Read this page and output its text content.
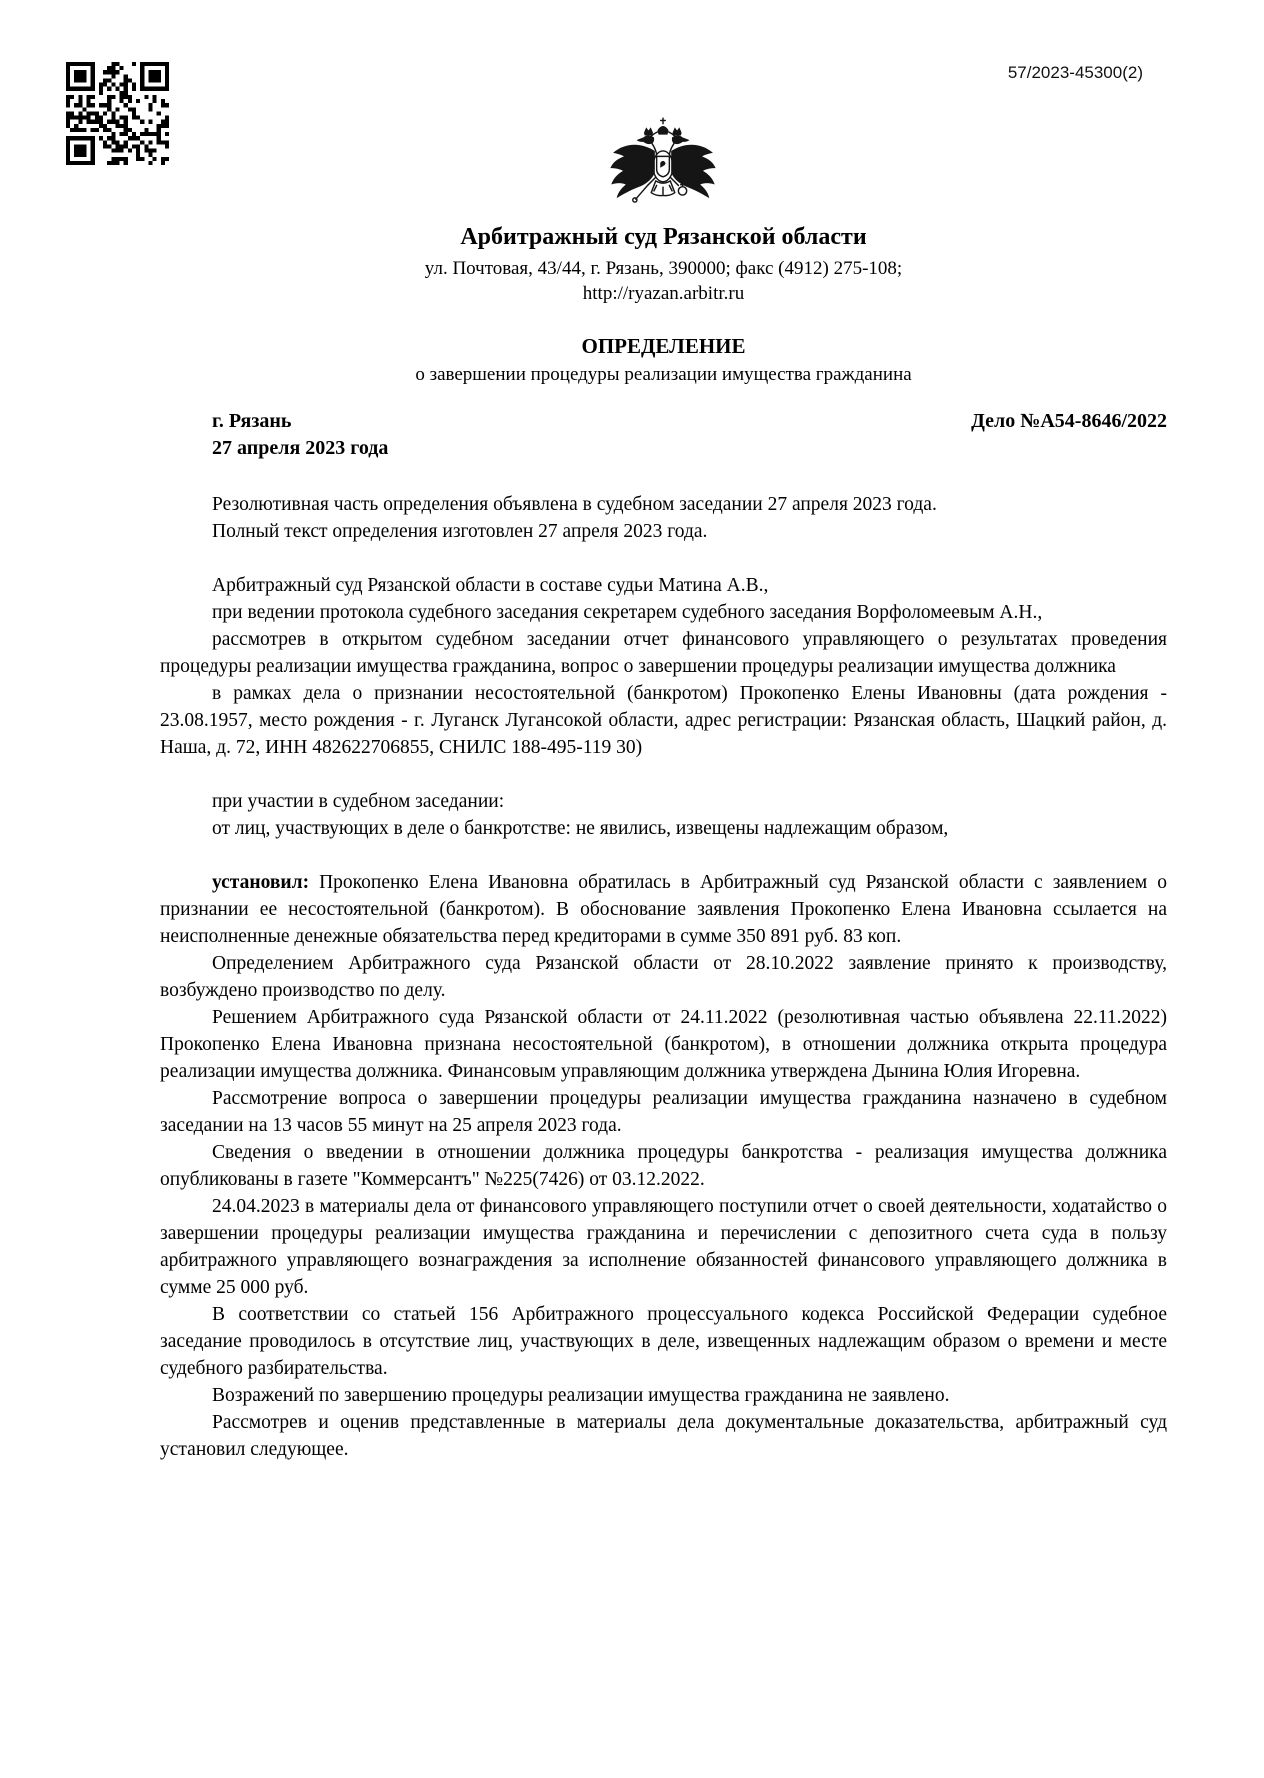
57/2023-45300(2)
Арбитражный суд Рязанской области
ул. Почтовая, 43/44, г. Рязань, 390000; факс (4912) 275-108;
http://ryazan.arbitr.ru
ОПРЕДЕЛЕНИЕ
о завершении процедуры реализации имущества гражданина
г. Рязань	Дело №А54-8646/2022
27 апреля 2023 года

Резолютивная часть определения объявлена в судебном заседании 27 апреля 2023 года.

Полный текст определения изготовлен 27 апреля 2023 года.

Арбитражный суд Рязанской области в составе судьи Матина А.В.,

при ведении протокола судебного заседания секретарем судебного заседания Ворфоломеевым А.Н.,

рассмотрев в открытом судебном заседании отчет финансового управляющего о результатах проведения процедуры реализации имущества гражданина, вопрос о завершении процедуры реализации имущества должника

в рамках дела о признании несостоятельной (банкротом) Прокопенко Елены Ивановны (дата рождения - 23.08.1957, место рождения - г. Луганск Лугансокой области, адрес регистрации: Рязанская область, Шацкий район, д. Наша, д. 72, ИНН 482622706855, СНИЛС 188-495-119 30)

при участии в судебном заседании:

от лиц, участвующих в деле о банкротстве: не явились, извещены надлежащим образом,

установил: Прокопенко Елена Ивановна обратилась в Арбитражный суд Рязанской области с заявлением о признании ее несостоятельной (банкротом). В обоснование заявления Прокопенко Елена Ивановна ссылается на неисполненные денежные обязательства перед кредиторами в сумме 350 891 руб. 83 коп.

Определением Арбитражного суда Рязанской области от 28.10.2022 заявление принято к производству, возбуждено производство по делу.

Решением Арбитражного суда Рязанской области от 24.11.2022 (резолютивная частью объявлена 22.11.2022) Прокопенко Елена Ивановна признана несостоятельной (банкротом), в отношении должника открыта процедура реализации имущества должника. Финансовым управляющим должника утверждена Дынина Юлия Игоревна.

Рассмотрение вопроса о завершении процедуры реализации имущества гражданина назначено в судебном заседании на 13 часов 55 минут на 25 апреля 2023 года.

Сведения о введении в отношении должника процедуры банкротства - реализация имущества должника опубликованы в газете "Коммерсантъ" №225(7426) от 03.12.2022.

24.04.2023 в материалы дела от финансового управляющего поступили отчет о своей деятельности, ходатайство о завершении процедуры реализации имущества гражданина и перечислении с депозитного счета суда в пользу арбитражного управляющего вознаграждения за исполнение обязанностей финансового управляющего должника в сумме 25 000 руб.

В соответствии со статьей 156 Арбитражного процессуального кодекса Российской Федерации судебное заседание проводилось в отсутствие лиц, участвующих в деле, извещенных надлежащим образом о времени и месте судебного разбирательства.

Возражений по завершению процедуры реализации имущества гражданина не заявлено.

Рассмотрев и оценив представленные в материалы дела документальные доказательства, арбитражный суд установил следующее.
